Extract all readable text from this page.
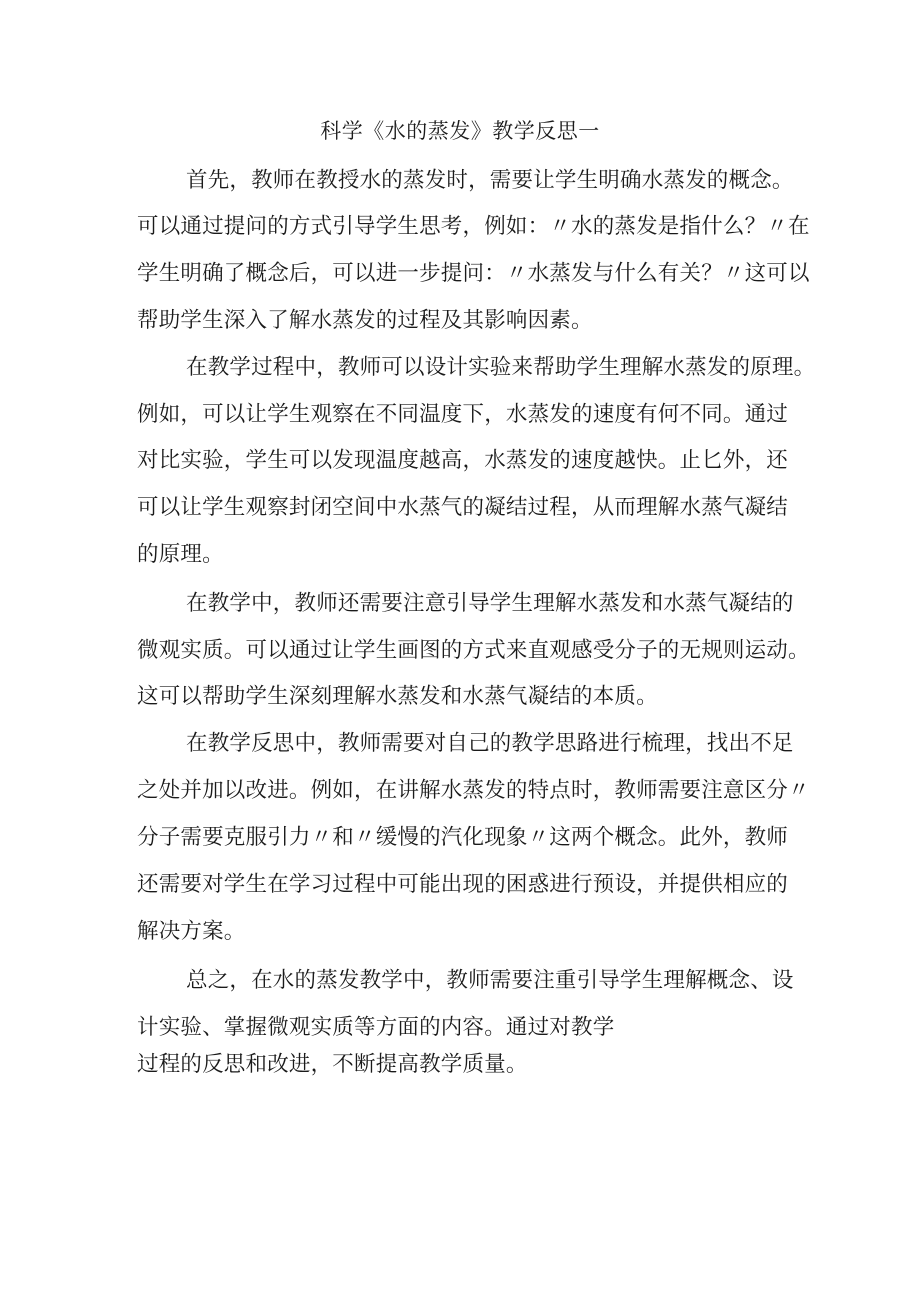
科学《水的蒸发》教学反思一
首先，教师在教授水的蒸发时，需要让学生明确水蒸发的概念。
可以通过提问的方式引导学生思考，例如：〃水的蒸发是指什么？〃在
学生明确了概念后，可以进一步提问：〃水蒸发与什么有关？〃这可以
帮助学生深入了解水蒸发的过程及其影响因素。
在教学过程中，教师可以设计实验来帮助学生理解水蒸发的原理。
例如，可以让学生观察在不同温度下，水蒸发的速度有何不同。通过
对比实验，学生可以发现温度越高，水蒸发的速度越快。止匕外，还
可以让学生观察封闭空间中水蒸气的凝结过程，从而理解水蒸气凝结
的原理。
在教学中，教师还需要注意引导学生理解水蒸发和水蒸气凝结的
微观实质。可以通过让学生画图的方式来直观感受分子的无规则运动。
这可以帮助学生深刻理解水蒸发和水蒸气凝结的本质。
在教学反思中，教师需要对自己的教学思路进行梳理，找出不足
之处并加以改进。例如，在讲解水蒸发的特点时，教师需要注意区分〃
分子需要克服引力〃和〃缓慢的汽化现象〃这两个概念。此外，教师
还需要对学生在学习过程中可能出现的困惑进行预设，并提供相应的
解决方案。
总之，在水的蒸发教学中，教师需要注重引导学生理解概念、设
计实验、掌握微观实质等方面的内容。通过对教学
过程的反思和改进，不断提高教学质量。
